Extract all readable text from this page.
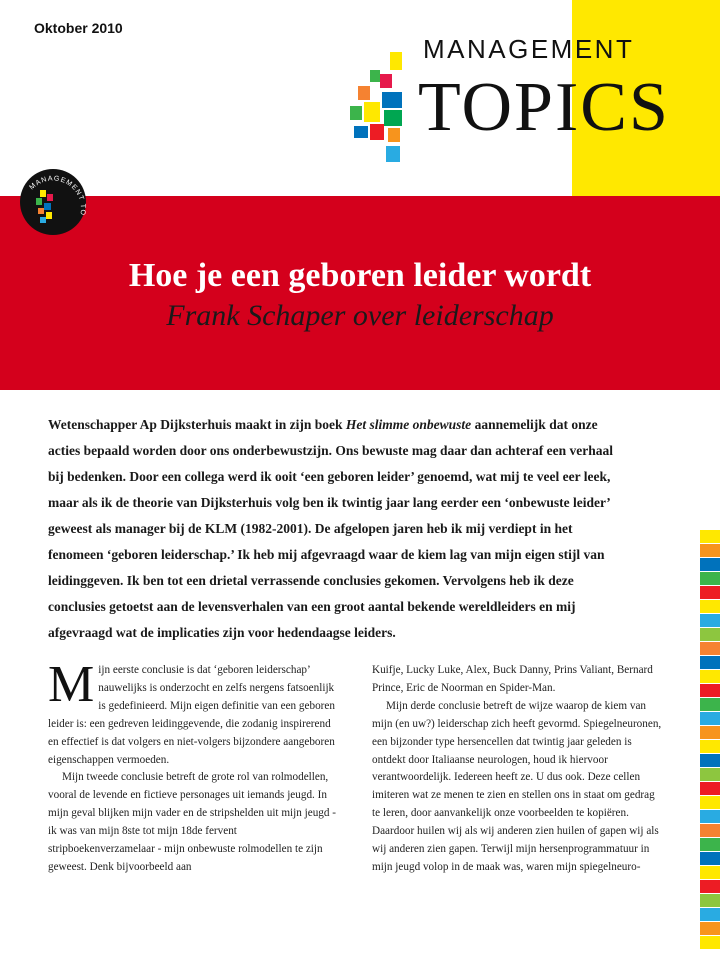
Oktober 2010
MANAGEMENT
TOPICS
MANAGEMENT TO
Hoe je een geboren leider wordt
Frank Schaper over leiderschap

Wetenschapper Ap Dijksterhuis maakt in zijn boek Het slimme onbewuste aannemelijk dat onze acties bepaald worden door ons onderbewustzijn. Ons bewuste mag daar dan achteraf een verhaal bij bedenken. Door een collega werd ik ooit ‘een geboren leider’ genoemd, wat mij te veel eer leek, maar als ik de theorie van Dijksterhuis volg ben ik twintig jaar lang eerder een ‘onbewuste leider’ geweest als manager bij de KLM (1982-2001). De afgelopen jaren heb ik mij verdiept in het fenomeen ‘geboren leiderschap.’ Ik heb mij afgevraagd waar de kiem lag van mijn eigen stijl van leidinggeven. Ik ben tot een drietal verrassende conclusies gekomen. Vervolgens heb ik deze conclusies getoetst aan de levensverhalen van een groot aantal bekende wereldleiders en mij afgevraagd wat de implicaties zijn voor hedendaagse leiders.

Mijn eerste conclusie is dat ‘geboren leiderschap’ nauwelijks is onderzocht en zelfs nergens fatsoenlijk is gedefinieerd. Mijn eigen definitie van een geboren leider is: een gedreven leidinggevende, die zodanig inspirerend en effectief is dat volgers en niet-volgers bijzondere aangeboren eigenschappen vermoeden.

Mijn tweede conclusie betreft de grote rol van rolmodellen, vooral de levende en fictieve personages uit iemands jeugd. In mijn geval blijken mijn vader en de stripshelden uit mijn jeugd - ik was van mijn 8ste tot mijn 18de fervent stripboekenverzamelaar - mijn onbewuste rolmodellen te zijn geweest. Denk bijvoorbeeld aan

Kuifje, Lucky Luke, Alex, Buck Danny, Prins Valiant, Bernard Prince, Eric de Noorman en Spider-Man.

Mijn derde conclusie betreft de wijze waarop de kiem van mijn (en uw?) leiderschap zich heeft gevormd. Spiegelneuronen, een bijzonder type hersencellen dat twintig jaar geleden is ontdekt door Italiaanse neurologen, houd ik hiervoor verantwoordelijk. Iedereen heeft ze. U dus ook. Deze cellen imiteren wat ze menen te zien en stellen ons in staat om gedrag te leren, door aanvankelijk onze voorbeelden te kopiëren. Daardoor huilen wij als wij anderen zien huilen of gapen wij als wij anderen zien gapen. Terwijl mijn hersenprogrammatuur in mijn jeugd volop in de maak was, waren mijn spiegelneuro-
